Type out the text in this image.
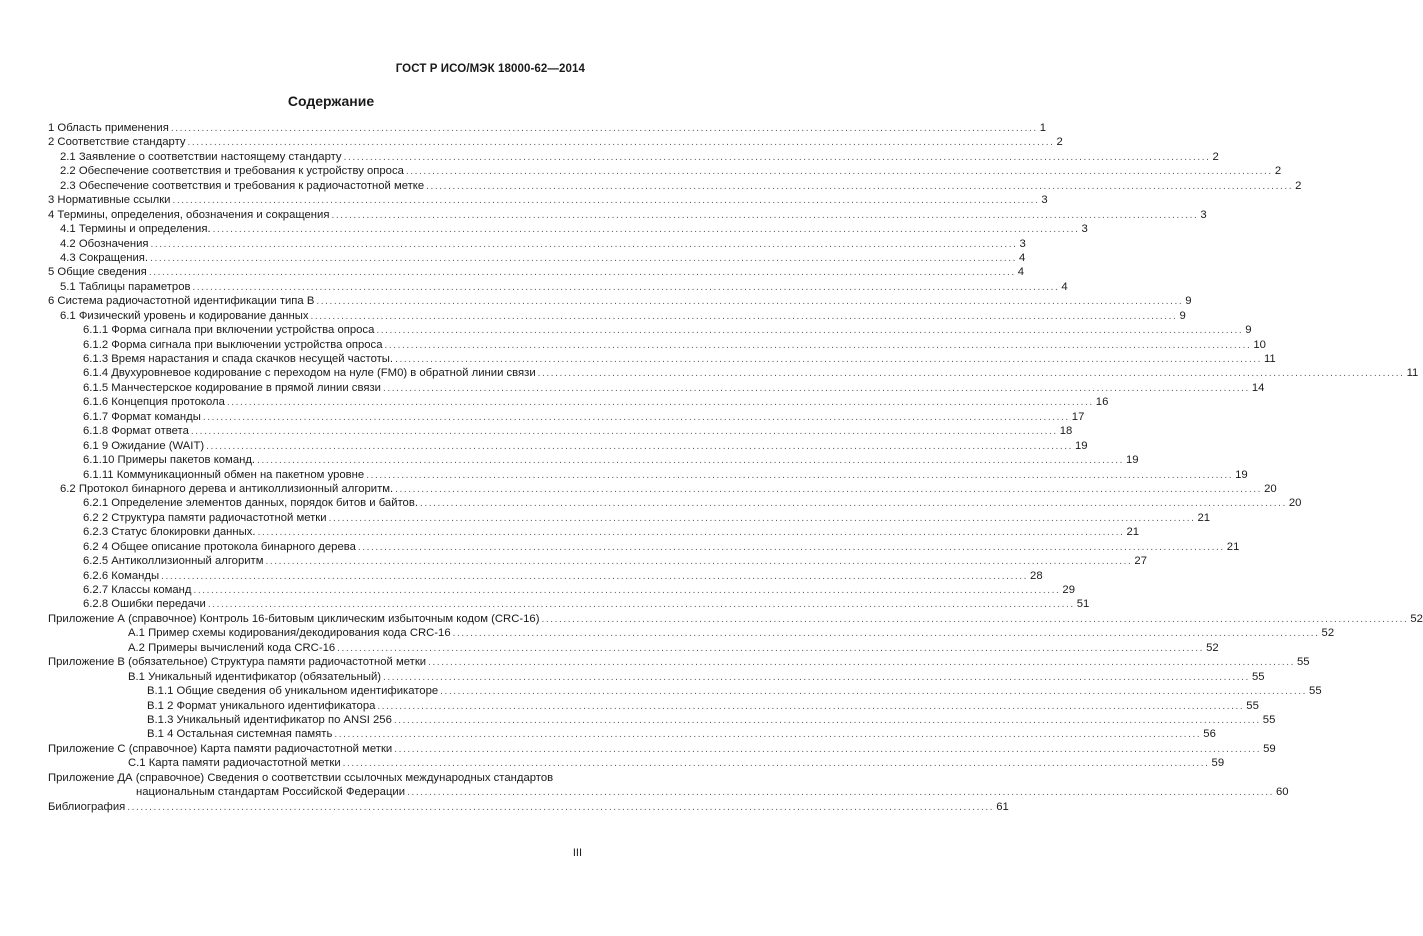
ГОСТ Р ИСО/МЭК 18000-62—2014
Содержание
1 Область применения .....	1
2 Соответствие стандарту .....	2
2.1 Заявление о соответствии настоящему стандарту .....	2
2.2 Обеспечение соответствия и требования к устройству опроса .....	2
2.3 Обеспечение соответствия и требования к радиочастотной метке .....	2
3 Нормативные ссылки .....	3
4 Термины, определения, обозначения и сокращения .....	3
4.1 Термины и определения. .....	3
4.2 Обозначения .....	3
4.3 Сокращения. .....	4
5 Общие сведения .....	4
5.1 Таблицы параметров .....	4
6 Система радиочастотной идентификации типа В .....	9
6.1 Физический уровень и кодирование данных .....	9
6.1.1 Форма сигнала при включении устройства опроса .....	9
6.1.2 Форма сигнала при выключении устройства опроса .....	10
6.1.3 Время нарастания и спада скачков несущей частоты. .....	11
6.1.4 Двухуровневое кодирование с переходом на нуле (FM0) в обратной линии связи .....	11
6.1.5 Манчестерское кодирование в прямой линии связи .....	14
6.1.6 Концепция протокола .....	16
6.1.7 Формат команды .....	17
6.1.8 Формат ответа .....	18
6.1 9 Ожидание (WAIT) .....	19
6.1.10 Примеры пакетов команд. .....	19
6.1.11 Коммуникационный обмен на пакетном уровне .....	19
6.2 Протокол бинарного дерева и антиколлизионный алгоритм. .....	20
6.2.1 Определение элементов данных, порядок битов и байтов. .....	20
6.2 2 Структура памяти радиочастотной метки .....	21
6.2.3 Статус блокировки данных. .....	21
6.2 4 Общее описание протокола бинарного дерева .....	21
6.2.5 Антиколлизионный алгоритм .....	27
6.2.6 Команды .....	28
6.2.7 Классы команд .....	29
6.2.8 Ошибки передачи .....	51
Приложение А (справочное) Контроль 16-битовым циклическим избыточным кодом (CRC-16) .....	52
А.1 Пример схемы кодирования/декодирования кода CRC-16 .....	52
А.2 Примеры вычислений кода CRC-16 .....	52
Приложение В (обязательное) Структура памяти радиочастотной метки .....	55
В.1 Уникальный идентификатор (обязательный) .....	55
В.1.1 Общие сведения об уникальном идентификаторе .....	55
В.1 2 Формат уникального идентификатора .....	55
В.1.3 Уникальный идентификатор по ANSI 256 .....	55
В.1 4 Остальная системная память .....	56
Приложение С (справочное) Карта памяти радиочастотной метки .....	59
С.1 Карта памяти радиочастотной метки .....	59
Приложение ДА (справочное) Сведения о соответствии ссылочных международных стандартов
национальным стандартам Российской Федерации .....	60
Библиография .....	61
III
